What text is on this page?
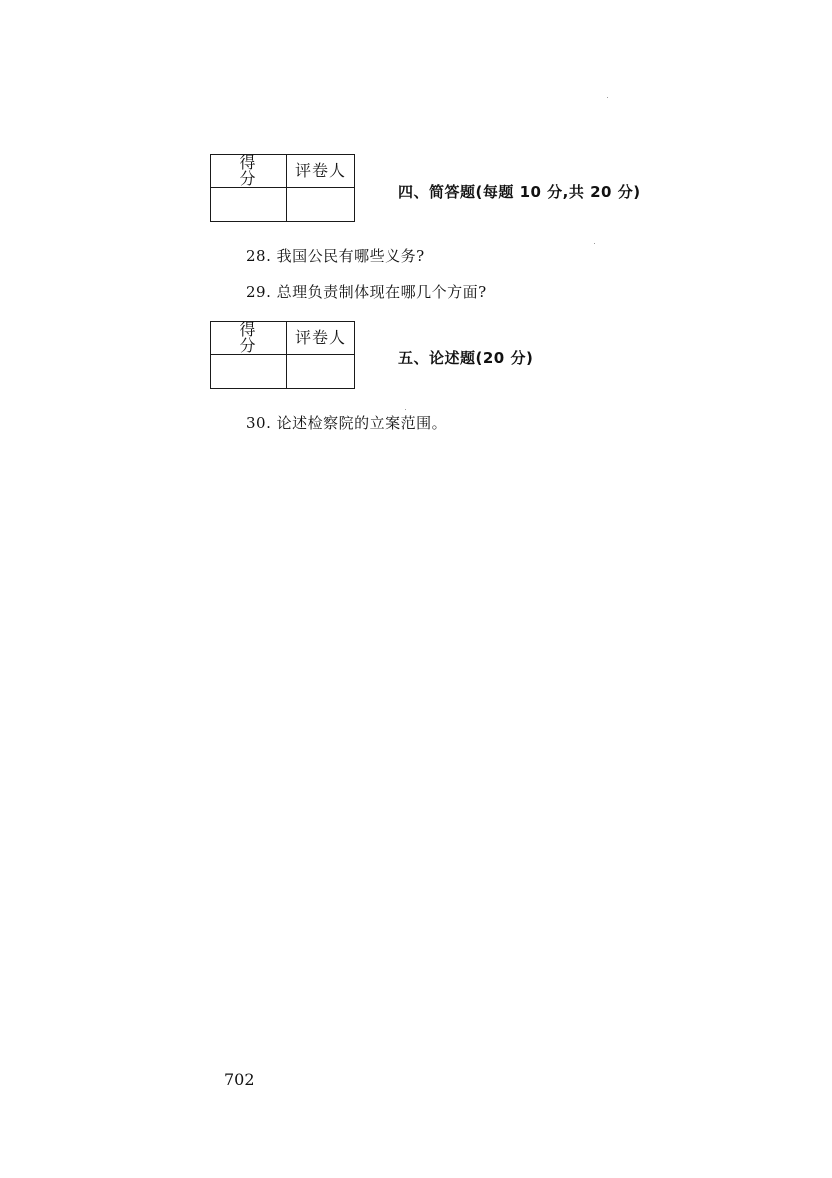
得 分	评卷人

四、简答题(每题 10 分,共 20 分)
28. 我国公民有哪些义务?
29. 总理负责制体现在哪几个方面?
得 分	评卷人

五、论述题(20 分)
30. 论述检察院的立案范围。
702
